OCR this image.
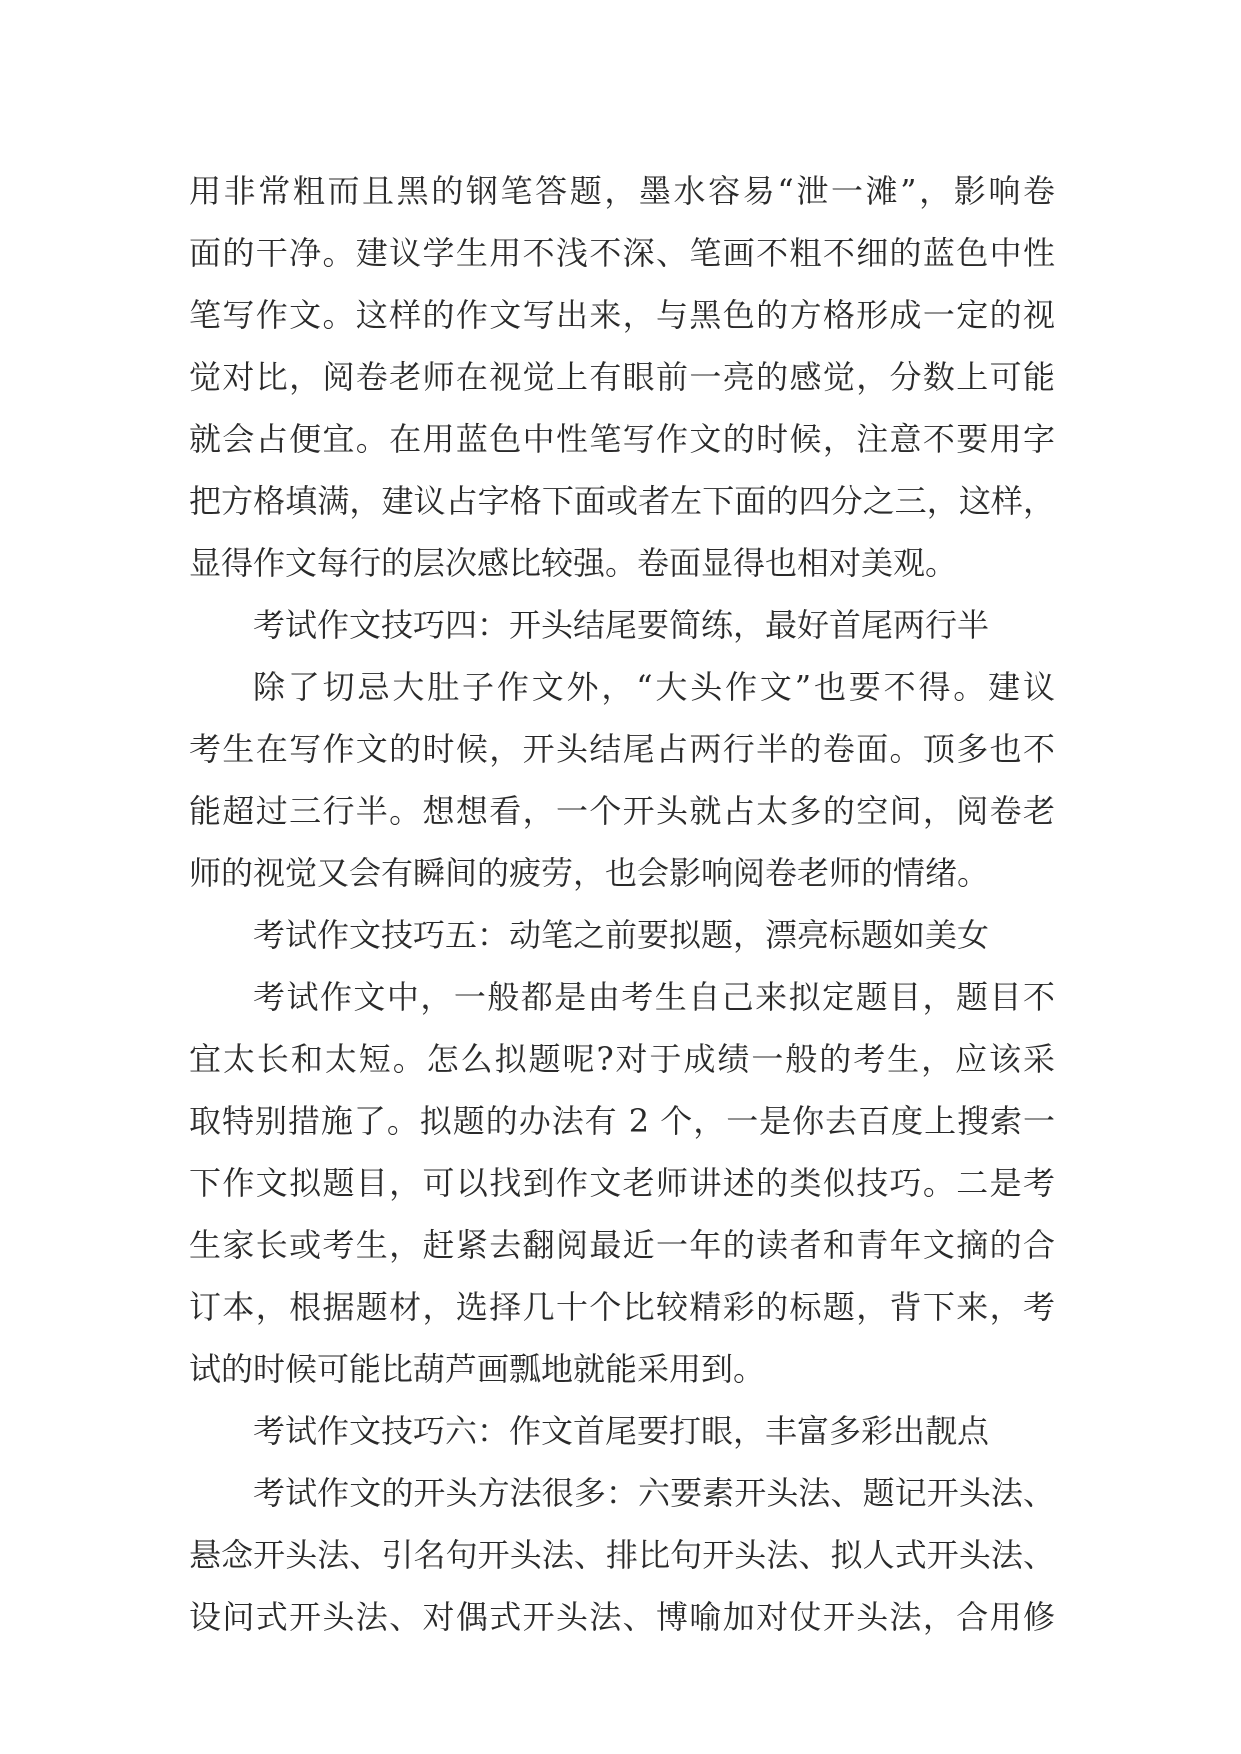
用非常粗而且黑的钢笔答题，墨水容易“泄一滩”，影响卷
面的干净。建议学生用不浅不深、笔画不粗不细的蓝色中性
笔写作文。这样的作文写出来，与黑色的方格形成一定的视
觉对比，阅卷老师在视觉上有眼前一亮的感觉，分数上可能
就会占便宜。在用蓝色中性笔写作文的时候，注意不要用字
把方格填满，建议占字格下面或者左下面的四分之三，这样，
显得作文每行的层次感比较强。卷面显得也相对美观。
考试作文技巧四：开头结尾要简练，最好首尾两行半
除了切忌大肚子作文外，“大头作文”也要不得。建议
考生在写作文的时候，开头结尾占两行半的卷面。顶多也不
能超过三行半。想想看，一个开头就占太多的空间，阅卷老
师的视觉又会有瞬间的疲劳，也会影响阅卷老师的情绪。
考试作文技巧五：动笔之前要拟题，漂亮标题如美女
考试作文中，一般都是由考生自己来拟定题目，题目不
宜太长和太短。怎么拟题呢?对于成绩一般的考生，应该采
取特别措施了。拟题的办法有 2 个，一是你去百度上搜索一
下作文拟题目，可以找到作文老师讲述的类似技巧。二是考
生家长或考生，赶紧去翻阅最近一年的读者和青年文摘的合
订本，根据题材，选择几十个比较精彩的标题，背下来，考
试的时候可能比葫芦画瓢地就能采用到。
考试作文技巧六：作文首尾要打眼，丰富多彩出靓点
考试作文的开头方法很多：六要素开头法、题记开头法、
悬念开头法、引名句开头法、排比句开头法、拟人式开头法、
设问式开头法、对偶式开头法、博喻加对仗开头法，合用修
